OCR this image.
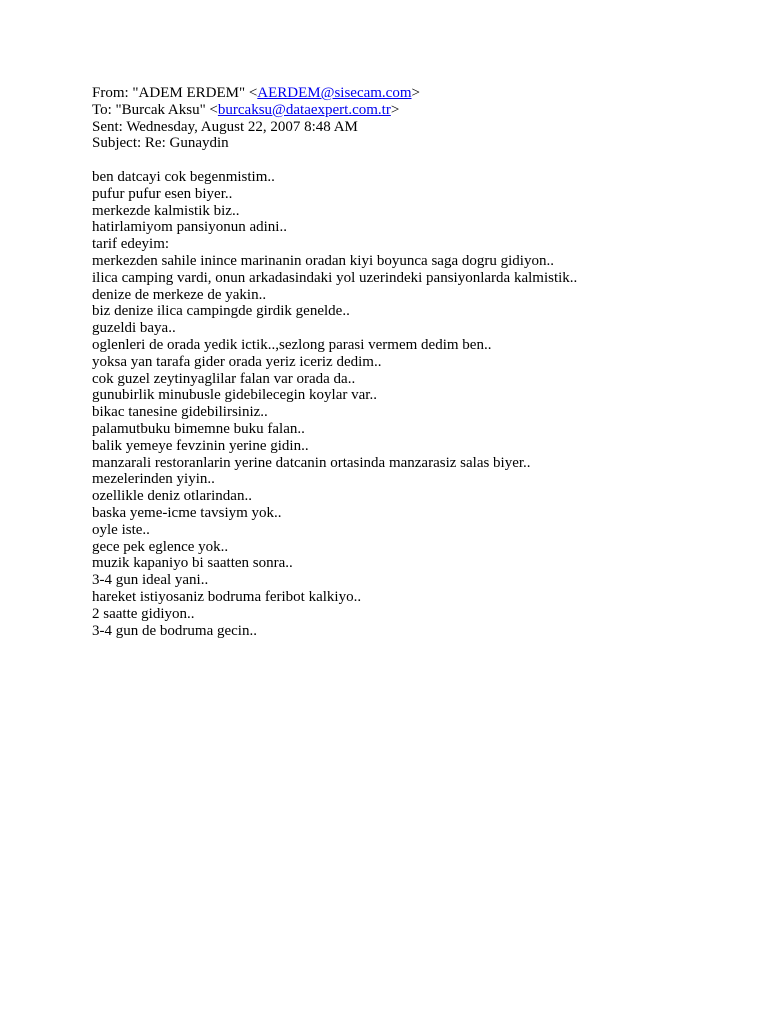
From: "ADEM ERDEM" <AERDEM@sisecam.com>
To: "Burcak Aksu" <burcaksu@dataexpert.com.tr>
Sent: Wednesday, August 22, 2007 8:48 AM
Subject: Re: Gunaydin
ben datcayi cok begenmistim..
pufur pufur esen biyer..
merkezde kalmistik biz..
hatirlamiyom pansiyonun adini..
tarif edeyim:
merkezden sahile inince marinanin oradan kiyi boyunca saga dogru gidiyon..
ilica camping vardi, onun arkadasindaki yol uzerindeki pansiyonlarda kalmistik..
denize de merkeze de yakin..
biz denize ilica campingde girdik genelde..
guzeldi baya..
oglenleri de orada yedik ictik..,sezlong parasi vermem dedim ben..
yoksa yan tarafa gider orada yeriz iceriz dedim..
cok guzel zeytinyaglilar falan var orada da..
gunubirlik minubusle gidebilecegin koylar var..
bikac tanesine gidebilirsiniz..
palamutbuku bimemne buku falan..
balik yemeye fevzinin yerine gidin..
manzarali restoranlarin yerine datcanin ortasinda manzarasiz salas biyer..
mezelerinden yiyin..
ozellikle deniz otlarindan..
baska yeme-icme tavsiym yok..
oyle iste..
gece pek eglence yok..
muzik kapaniyo bi saatten sonra..
3-4 gun ideal yani..
hareket istiyosaniz bodruma feribot kalkiyo..
2 saatte gidiyon..
3-4 gun de bodruma gecin..
